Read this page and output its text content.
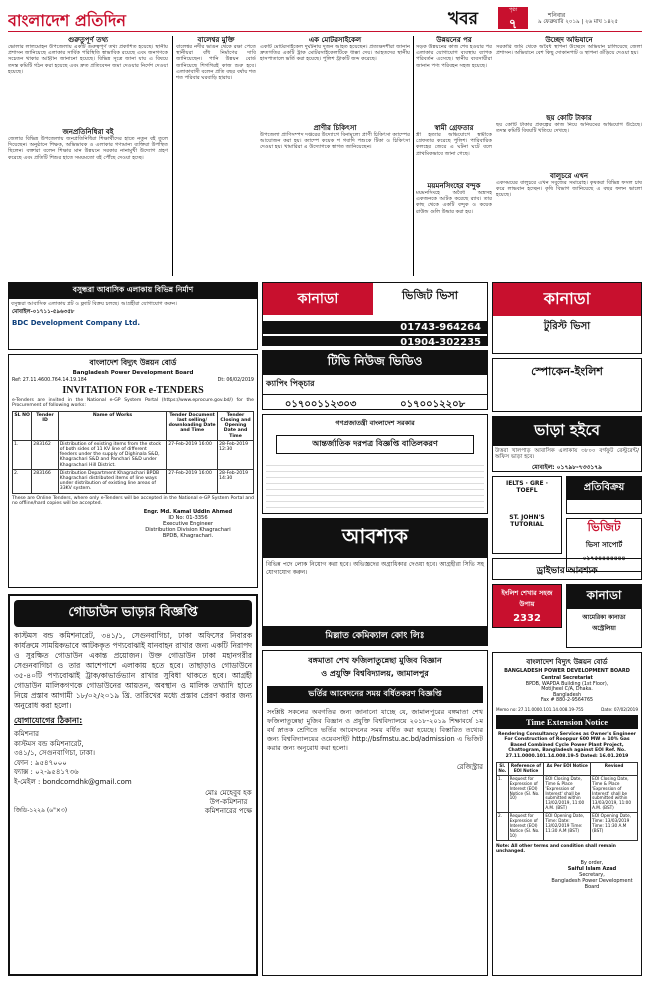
বাংলাদেশ প্রতিদিন	খবর	পৃষ্ঠা
৭
শনিবার
৯ ফেব্রুয়ারি ২০১৯ | ২৬ মাঘ ১৪২৫
গুরুতুপূর্ণ তথ্য
ভোলার লালমোহন উপজেলায় একটি গুরুত্বপূর্ণ তথ্য প্রকাশিত হয়েছে। স্থানীয় প্রশাসন জানিয়েছে এলাকার সার্বিক পরিস্থিতি স্বাভাবিক রয়েছে এবং জনগণকে সচেতন থাকার আহ্বান জানানো হয়েছে। বিভিন্ন সূত্রে জানা যায় এ বিষয়ে তদন্ত কমিটি গঠন করা হয়েছে এবং দ্রুত প্রতিবেদন জমা দেওয়ার নির্দেশ দেওয়া হয়েছে।
জনপ্রতিনিধিরা বই
জেলার বিভিন্ন উপজেলায় জনপ্রতিনিধিরা শিক্ষার্থীদের হাতে নতুন বই তুলে দিয়েছেন। অনুষ্ঠানে শিক্ষক, অভিভাবক ও এলাকার গণ্যমান্য ব্যক্তিরা উপস্থিত ছিলেন। বক্তারা বলেন শিক্ষার মান উন্নয়নে সরকার নানামুখী উদ্যোগ গ্রহণ করেছে এবং প্রতিটি শিশুর হাতে সময়মতো বই পৌঁছে দেওয়া হচ্ছে।
বালেশ্বর মুক্তি
বালেশ্বর নদীর ভাঙন থেকে রক্ষা পেতে স্থানীয়রা বাঁধ নির্মাণের দাবি জানিয়েছেন। পানি উন্নয়ন বোর্ড জানিয়েছে শিগগিরই কাজ শুরু হবে। এলাকাবাসী বলেন প্রতি বছর বর্ষায় শত শত পরিবার ঘরবাড়ি হারায়।
এক মোটরসাইকেল
একটি মোটরসাইকেল দুর্ঘটনায় দুজন আহত হয়েছেন। প্রত্যক্ষদর্শীরা জানান দ্রুতগতির একটি ট্রাক মোটরসাইকেলটিকে ধাক্কা দেয়। আহতদের স্থানীয় হাসপাতালে ভর্তি করা হয়েছে। পুলিশ ট্রাকটি জব্দ করেছে।
প্রাণীর চিকিৎসা
উপজেলা প্রাণিসম্পদ দপ্তরের উদ্যোগে বিনামূল্যে প্রাণী চিকিৎসা ক্যাম্পের আয়োজন করা হয়। ক্যাম্পে কয়েক শ গবাদি পশুকে টিকা ও চিকিৎসা দেওয়া হয়। খামারিরা এ উদ্যোগকে স্বাগত জানিয়েছেন।
উন্নয়নের পর
সড়ক উন্নয়নের কাজ শেষ হওয়ার পর এলাকার যোগাযোগ ব্যবস্থায় ব্যাপক পরিবর্তন এসেছে। স্থানীয় ব্যবসায়ীরা জানান পণ্য পরিবহন সহজ হয়েছে।
স্বামী গ্রেফতার
স্ত্রী হত্যার অভিযোগে স্বামীকে গ্রেফতার করেছে পুলিশ। পারিবারিক কলহের জেরে এ ঘটনা ঘটে বলে প্রাথমিকভাবে জানা গেছে।
ময়মনসিংহের বন্দুক
ময়মনসিংহে অবৈধ অস্ত্রসহ একজনকে আটক করেছে র‍্যাব। তার কাছ থেকে একটি বন্দুক ও কয়েক রাউন্ড গুলি উদ্ধার করা হয়।
উচ্ছেদ অভিযানে
সরকারি জমি থেকে অবৈধ স্থাপনা উচ্ছেদে অভিযান চালিয়েছে জেলা প্রশাসন। অভিযানে বেশ কিছু দোকানপাট ও স্থাপনা গুঁড়িয়ে দেওয়া হয়।
ছয় কোটি টাকার
ছয় কোটি টাকার প্রকল্পের কাজ নিয়ে অনিয়মের অভিযোগ উঠেছে। তদন্ত কমিটি বিষয়টি খতিয়ে দেখছে।
বালুচরে এখন
একসময়ের বালুচরে এখন সবুজের সমারোহ। কৃষকরা বিভিন্ন ফসল চাষ করে লাভবান হচ্ছেন। কৃষি বিভাগ জানিয়েছে এ বছর ফলন ভালো হয়েছে।
বসুন্ধরা আবাসিক এলাকায় বিভিন্ন নির্মাণ
বসুন্ধরা আবাসিক এলাকায় প্লট ও ফ্ল্যাট বিক্রয় চলছে। আগ্রহীরা যোগাযোগ করুন।
মোবাইল-০১৭১১-৫৯৬৩৫৮
BDC Development Company Ltd.
বাংলাদেশ বিদ্যুৎ উন্নয়ন বোর্ড
Bangladesh Power Development Board
Ref: 27.11.4600.764.14.19.184	Dt: 06/02/2019
INVITATION FOR e-TENDERS
e-Tenders are invited in the National e-GP System Portal (https://www.eprocure.gov.bd/) for the Procurement of following works:
SL NO	Tender ID	Name of Works	Tender Document last selling/ downloading Date and Time	Tender Closing and Opening Date and Time
1.	283162	Distribution of existing items from the stock of both sides of 11 KV line of different feeders under the supply of Dighinala S&D, Khagrachari S&D and Panchari S&D under Khagrachari Hill District.	27-Feb-2019 16:00	28-Feb-2019 12:30
2.	283166	Distribution Department Khagrachari BPDB Khagrachari distributed items of line ways under distribution of existing line areas of 33KV system.	27-Feb-2019 16:00	28-Feb-2019 14:30
These are Online Tenders, where only e-Tenders will be accepted in the National e-GP System Portal and no offline/hard copies will be accepted.
Engr. Md. Kamal Uddin Ahmed
ID No: 01-3356
Executive Engineer
Distribution Division Khagrachari
BPDB, Khagrachari.
গোডাউন ভাড়ার বিজ্ঞপ্তি
কাস্টমস বন্ড কমিশনারেট, ৩৪১/১, সেগুনবাগিচা, ঢাকা অফিসের নিবারক কার্যক্রমে সাময়িকভাবে আটককৃত পণ্যবোঝাই যানবাহন রাখার জন্য একটি নিরাপদ ও সুরক্ষিত গোডাউন একান্ত প্রয়োজন। উক্ত গোডাউন ঢাকা মহানগরীর সেগুনবাগিচা ও তার আশেপাশে এলাকায় হতে হবে। তাছাড়াও গোডাউনে ৩৫-৪০টি পণ্যবোঝাই ট্রাক/কাভার্ডভ্যান রাখার সুবিধা থাকতে হবে। আগ্রহী গোডাউন মালিকগণকে গোডাউনের আয়তন, অবস্থান ও মালিক তথ্যাদি হাতে নিয়ে প্রস্তাব আগামী ১৮/০২/২০১৯ খ্রি. তারিখের মধ্যে প্রস্তাব প্রেরণ করার জন্য অনুরোধ করা হলো।
যোগাযোগের ঠিকানা:
কমিশনার
কাস্টমস বন্ড কমিশনারেট,
৩৪১/১, সেগুনবাগিচা, ঢাকা।
ফোন : ৯৫৪৭০০০
ফ্যাক্স : ০২-৯৫৪১৭৩৬
ই-মেইল : bondcomdhk@gmail.com
জিডি-১২২৯ (৬"×৩)
মোঃ মেহেবুব হক
উপ-কমিশনার
কমিশনারের পক্ষে
কানাডা	ভিজিট ভিসা
01743-964264
01904-302235
টিভি নিউজ ভিডিও
ক্যাপিং পিক্চার
০১৭০০১১২৩০৩	০১৭০০১২২০৮
গণপ্রজাতন্ত্রী বাংলাদেশ সরকার
আন্তর্জাতিক দরপত্র বিজ্ঞপ্তি বাতিলকরণ
আবশ্যক
বিভিন্ন পদে লোক নিয়োগ করা হবে। অভিজ্ঞদের অগ্রাধিকার দেওয়া হবে। আগ্রহীরা সিভি সহ যোগাযোগ করুন।
মিল্লাত কেমিক্যাল কোং লিঃ
বঙ্গমাতা শেখ ফজিলাতুন্নেছা মুজিব বিজ্ঞান
ও প্রযুক্তি বিশ্ববিদ্যালয়, জামালপুর
ভর্তির আবেদনের সময় বর্ধিতকরণ বিজ্ঞপ্তি
সংশ্লিষ্ট সকলের অবগতির জন্য জানানো যাচ্ছে যে, জামালপুরের বঙ্গমাতা শেখ ফজিলাতুন্নেছা মুজিব বিজ্ঞান ও প্রযুক্তি বিশ্ববিদ্যালয়ে ২০১৮-২০১৯ শিক্ষাবর্ষে ১ম বর্ষ স্নাতক শ্রেণিতে ভর্তির আবেদনের সময় বর্ধিত করা হয়েছে। বিস্তারিত তথ্যের জন্য বিশ্ববিদ্যালয়ের ওয়েবসাইট http://bsfmstu.ac.bd/admission এ ভিজিট করার জন্য অনুরোধ করা হলো।
রেজিস্ট্রার
কানাডা
টুরিস্ট ভিসা
স্পোকেন-ইংলিশ
ভাড়া হইবে
উত্তরা খালপাড় আবাসিক এলাকায় ৩৮০০ বর্গফুট রেস্টুরেন্ট/অফিস ভাড়া হবে।
মোবাইল: ০১৭৯৮-৭৩৩১৭৯
IELTS · GRE · TOEFL
ST. JOHN'S TUTORIAL
প্রতিবিক্রয়
ভিজিট
ভিসা সাপোর্ট
০১৭৫৪৪৪৪৪৪৪
ড্রাইভার আবশ্যক
ইংলিশ শেখার সহজ উপায়
2332
কানাডা
আমেরিকা কানাডা অস্ট্রেলিয়া
বাংলাদেশ বিদ্যুৎ উন্নয়ন বোর্ড
BANGLADESH POWER DEVELOPMENT BOARD
Central Secretariat
BPDB, WAPDA Building (1st Floor),
Motijheel C/A, Dhaka.
Bangladesh
Fax # 880-2-9564765
Memo no: 27.11.0000.101.14.008.19-755	Date: 07/02/2019
Time Extension Notice
Rendering Consultancy Services as Owner's Engineer For Construction of Rooppur 600 MW ± 10% Gas Based Combined Cycle Power Plant Project, Chattogram, Bangladesh against EOI Ref. No. 27.11.0000.101.14.008.19-5 Dated: 16.01.2019
Sl. No.	Reference of EOI Notice	As Per EOI Notice	Revised
1.	Request for Expression of Interest (EOI) Notice (Sl. No. 10)	EOI Closing Date, Time & Place 'Expression of Interest' shall be submitted within 13/02/2019, 11:00 A.M. (BST)	EOI Closing Date, Time & Place 'Expression of Interest' shall be submitted within 13/03/2019, 11:00 A.M. (BST)
2.	Request for Expression of Interest (EOI) Notice (Sl. No. 10)	EOI Opening Date, Time: Date: 13/02/2019 Time: 11:30 A.M (BST)	EOI Opening Date, Time: 13/03/2019 Time: 11:30 A.M (BST)
Note: All other terms and condition shall remain unchanged.
By order,
Saiful Islam Azad
Secretary,
Bangladesh Power Development Board
